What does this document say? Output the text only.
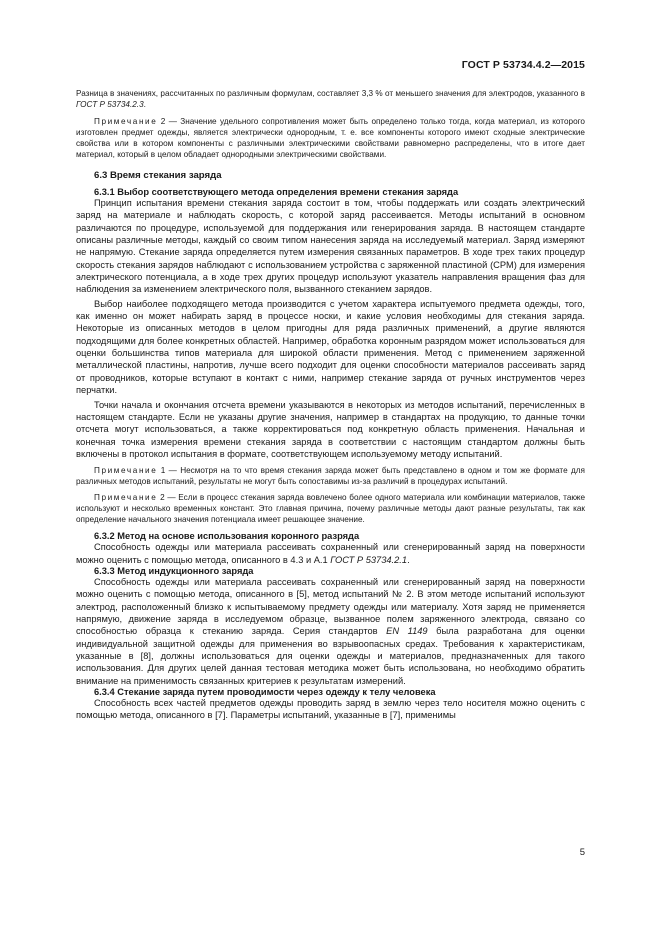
ГОСТ Р 53734.4.2—2015

Разница в значениях, рассчитанных по различным формулам, составляет 3,3 % от меньшего значения для электродов, указанного в ГОСТ Р 53734.2.3.

Примечание 2 — Значение удельного сопротивления может быть определено только тогда, когда материал, из которого изготовлен предмет одежды, является электрически однородным, т. е. все компоненты которого имеют сходные электрические свойства или в котором компоненты с различными электрическими свойствами равномерно распределены, что в итоге дает материал, который в целом обладает однородными электрическими свойствами.

6.3 Время стекания заряда

6.3.1 Выбор соответствующего метода определения времени стекания заряда

Принцип испытания времени стекания заряда состоит в том, чтобы поддержать или создать электрический заряд на материале и наблюдать скорость, с которой заряд рассеивается. Методы испытаний в основном различаются по процедуре, используемой для поддержания или генерирования заряда. В настоящем стандарте описаны различные методы, каждый со своим типом нанесения заряда на исследуемый материал. Заряд измеряют не напрямую. Стекание заряда определяется путем измерения связанных параметров. В ходе трех таких процедур скорость стекания зарядов наблюдают с использованием устройства с заряженной пластиной (СРМ) для измерения электрического потенциала, а в ходе трех других процедур используют указатель направления вращения фаз для наблюдения за изменением электрического поля, вызванного стеканием зарядов.

Выбор наиболее подходящего метода производится с учетом характера испытуемого предмета одежды, того, как именно он может набирать заряд в процессе носки, и какие условия необходимы для стекания заряда. Некоторые из описанных методов в целом пригодны для ряда различных применений, а другие являются подходящими для более конкретных областей. Например, обработка коронным разрядом может использоваться для оценки большинства типов материала для широкой области применения. Метод с применением заряженной металлической пластины, напротив, лучше всего подходит для оценки способности материалов рассеивать заряд от проводников, которые вступают в контакт с ними, например стекание заряда от ручных инструментов через перчатки.

Точки начала и окончания отсчета времени указываются в некоторых из методов испытаний, перечисленных в настоящем стандарте. Если не указаны другие значения, например в стандартах на продукцию, то данные точки отсчета могут использоваться, а также корректироваться под конкретную область применения. Начальная и конечная точка измерения времени стекания заряда в соответствии с настоящим стандартом должны быть включены в протокол испытания в формате, соответствующем используемому методу испытаний.

Примечание 1 — Несмотря на то что время стекания заряда может быть представлено в одном и том же формате для различных методов испытаний, результаты не могут быть сопоставимы из-за различий в процедурах испытаний.

Примечание 2 — Если в процесс стекания заряда вовлечено более одного материала или комбинации материалов, также используют и несколько временных констант. Это главная причина, почему различные методы дают разные результаты, так как определение начального значения потенциала имеет решающее значение.

6.3.2 Метод на основе использования коронного разряда

Способность одежды или материала рассеивать сохраненный или сгенерированный заряд на поверхности можно оценить с помощью метода, описанного в 4.3 и А.1 ГОСТ Р 53734.2.1.

6.3.3 Метод индукционного заряда

Способность одежды или материала рассеивать сохраненный или сгенерированный заряд на поверхности можно оценить с помощью метода, описанного в [5], метод испытаний № 2. В этом методе испытаний используют электрод, расположенный близко к испытываемому предмету одежды или материалу. Хотя заряд не применяется напрямую, движение заряда в исследуемом образце, вызванное полем заряженного электрода, связано со способностью образца к стеканию заряда. Серия стандартов EN 1149 была разработана для оценки индивидуальной защитной одежды для применения во взрывоопасных средах. Требования к характеристикам, указанные в [8], должны использоваться для оценки одежды и материалов, предназначенных для такого использования. Для других целей данная тестовая методика может быть использована, но необходимо обратить внимание на применимость связанных критериев к результатам измерений.

6.3.4 Стекание заряда путем проводимости через одежду к телу человека

Способность всех частей предметов одежды проводить заряд в землю через тело носителя можно оценить с помощью метода, описанного в [7]. Параметры испытаний, указанные в [7], применимы

5
